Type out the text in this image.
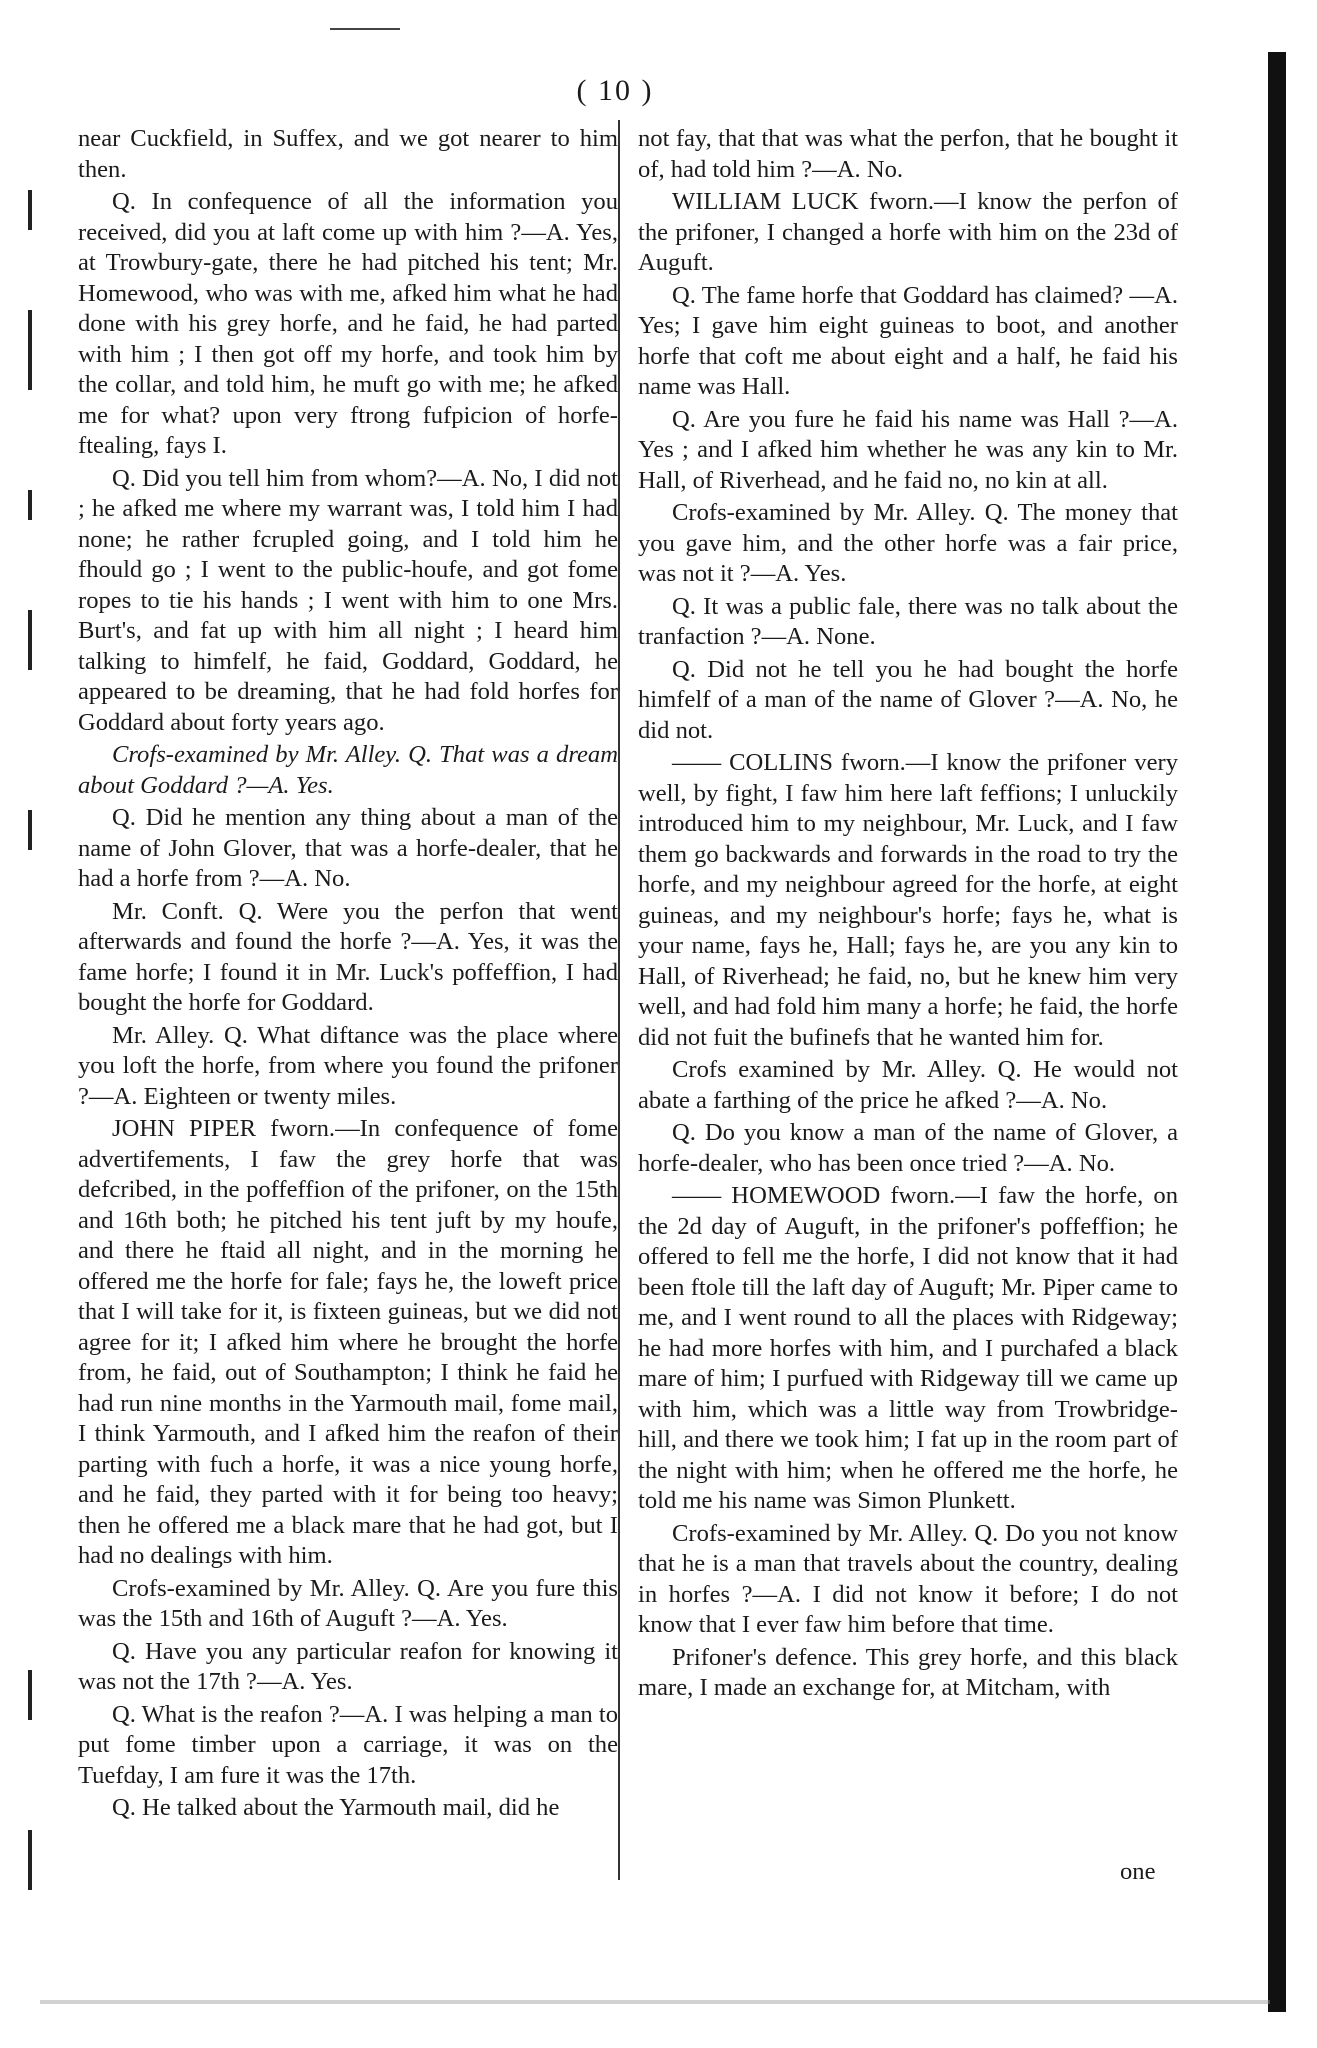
( 10 )

near Cuckfield, in Suffex, and we got nearer to him then.

Q. In confequence of all the information you received, did you at laft come up with him ?—A. Yes, at Trowbury-gate, there he had pitched his tent; Mr. Homewood, who was with me, afked him what he had done with his grey horfe, and he faid, he had parted with him ; I then got off my horfe, and took him by the collar, and told him, he muft go with me; he afked me for what? upon very ftrong fufpicion of horfe-ftealing, fays I.

Q. Did you tell him from whom?—A. No, I did not ; he afked me where my warrant was, I told him I had none; he rather fcrupled going, and I told him he fhould go ; I went to the public-houfe, and got fome ropes to tie his hands ; I went with him to one Mrs. Burt's, and fat up with him all night ; I heard him talking to himfelf, he faid, Goddard, Goddard, he appeared to be dreaming, that he had fold horfes for Goddard about forty years ago.

Crofs-examined by Mr. Alley. Q. That was a dream about Goddard ?—A. Yes.

Q. Did he mention any thing about a man of the name of John Glover, that was a horfe-dealer, that he had a horfe from ?—A. No.

Mr. Conft. Q. Were you the perfon that went afterwards and found the horfe ?—A. Yes, it was the fame horfe; I found it in Mr. Luck's poffeffion, I had bought the horfe for Goddard.

Mr. Alley. Q. What diftance was the place where you loft the horfe, from where you found the prifoner ?—A. Eighteen or twenty miles.

JOHN PIPER fworn.—In confequence of fome advertifements, I faw the grey horfe that was defcribed, in the poffeffion of the prifoner, on the 15th and 16th both; he pitched his tent juft by my houfe, and there he ftaid all night, and in the morning he offered me the horfe for fale; fays he, the loweft price that I will take for it, is fixteen guineas, but we did not agree for it; I afked him where he brought the horfe from, he faid, out of Southampton; I think he faid he had run nine months in the Yarmouth mail, fome mail, I think Yarmouth, and I afked him the reafon of their parting with fuch a horfe, it was a nice young horfe, and he faid, they parted with it for being too heavy; then he offered me a black mare that he had got, but I had no dealings with him.

Crofs-examined by Mr. Alley. Q. Are you fure this was the 15th and 16th of Auguft ?—A. Yes.

Q. Have you any particular reafon for knowing it was not the 17th ?—A. Yes.

Q. What is the reafon ?—A. I was helping a man to put fome timber upon a carriage, it was on the Tuefday, I am fure it was the 17th.

Q. He talked about the Yarmouth mail, did he

not fay, that that was what the perfon, that he bought it of, had told him ?—A. No.

WILLIAM LUCK fworn.—I know the perfon of the prifoner, I changed a horfe with him on the 23d of Auguft.

Q. The fame horfe that Goddard has claimed? —A. Yes; I gave him eight guineas to boot, and another horfe that coft me about eight and a half, he faid his name was Hall.

Q. Are you fure he faid his name was Hall ?—A. Yes ; and I afked him whether he was any kin to Mr. Hall, of Riverhead, and he faid no, no kin at all.

Crofs-examined by Mr. Alley. Q. The money that you gave him, and the other horfe was a fair price, was not it ?—A. Yes.

Q. It was a public fale, there was no talk about the tranfaction ?—A. None.

Q. Did not he tell you he had bought the horfe himfelf of a man of the name of Glover ?—A. No, he did not.

—— COLLINS fworn.—I know the prifoner very well, by fight, I faw him here laft feffions; I unluckily introduced him to my neighbour, Mr. Luck, and I faw them go backwards and forwards in the road to try the horfe, and my neighbour agreed for the horfe, at eight guineas, and my neighbour's horfe; fays he, what is your name, fays he, Hall; fays he, are you any kin to Hall, of Riverhead; he faid, no, but he knew him very well, and had fold him many a horfe; he faid, the horfe did not fuit the bufinefs that he wanted him for.

Crofs examined by Mr. Alley. Q. He would not abate a farthing of the price he afked ?—A. No.

Q. Do you know a man of the name of Glover, a horfe-dealer, who has been once tried ?—A. No.

—— HOMEWOOD fworn.—I faw the horfe, on the 2d day of Auguft, in the prifoner's poffeffion; he offered to fell me the horfe, I did not know that it had been ftole till the laft day of Auguft; Mr. Piper came to me, and I went round to all the places with Ridgeway; he had more horfes with him, and I purchafed a black mare of him; I purfued with Ridgeway till we came up with him, which was a little way from Trowbridge-hill, and there we took him; I fat up in the room part of the night with him; when he offered me the horfe, he told me his name was Simon Plunkett.

Crofs-examined by Mr. Alley. Q. Do you not know that he is a man that travels about the country, dealing in horfes ?—A. I did not know it before; I do not know that I ever faw him before that time.

Prifoner's defence. This grey horfe, and this black mare, I made an exchange for, at Mitcham, with

one
